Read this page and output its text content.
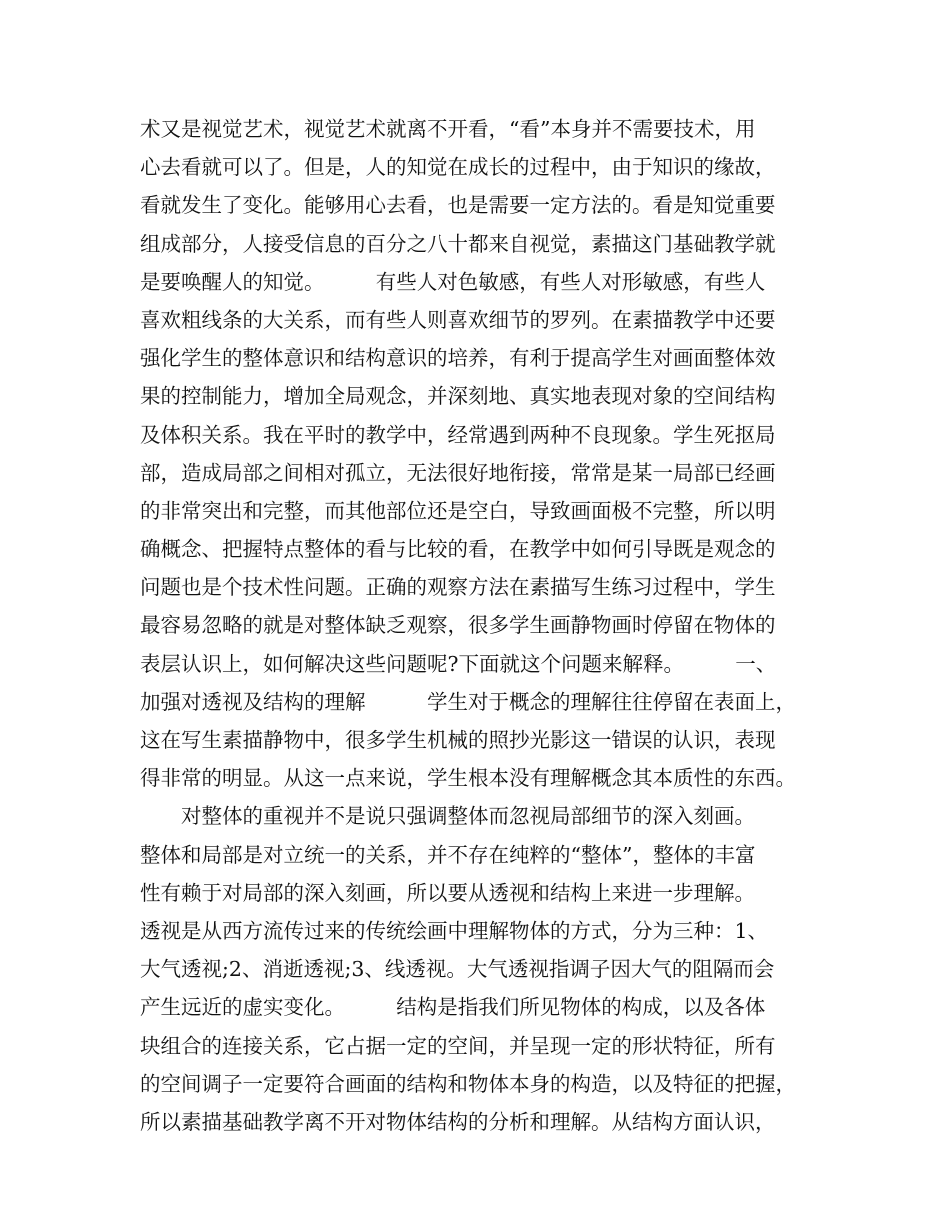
术又是视觉艺术，视觉艺术就离不开看，“看”本身并不需要技术，用
心去看就可以了。但是，人的知觉在成长的过程中，由于知识的缘故，
看就发生了变化。能够用心去看，也是需要一定方法的。看是知觉重要
组成部分，人接受信息的百分之八十都来自视觉，素描这门基础教学就
是要唤醒人的知觉。　　　有些人对色敏感，有些人对形敏感，有些人
喜欢粗线条的大关系，而有些人则喜欢细节的罗列。在素描教学中还要
强化学生的整体意识和结构意识的培养，有利于提高学生对画面整体效
果的控制能力，增加全局观念，并深刻地、真实地表现对象的空间结构
及体积关系。我在平时的教学中，经常遇到两种不良现象。学生死抠局
部，造成局部之间相对孤立，无法很好地衔接，常常是某一局部已经画
的非常突出和完整，而其他部位还是空白，导致画面极不完整，所以明
确概念、把握特点整体的看与比较的看，在教学中如何引导既是观念的
问题也是个技术性问题。正确的观察方法在素描写生练习过程中，学生
最容易忽略的就是对整体缺乏观察，很多学生画静物画时停留在物体的
表层认识上，如何解决这些问题呢?下面就这个问题来解释。　　　一、
加强对透视及结构的理解　　　学生对于概念的理解往往停留在表面上，
这在写生素描静物中，很多学生机械的照抄光影这一错误的认识，表现
得非常的明显。从这一点来说，学生根本没有理解概念其本质性的东西。
　　对整体的重视并不是说只强调整体而忽视局部细节的深入刻画。
整体和局部是对立统一的关系，并不存在纯粹的“整体”，整体的丰富
性有赖于对局部的深入刻画，所以要从透视和结构上来进一步理解。
透视是从西方流传过来的传统绘画中理解物体的方式，分为三种：1、
大气透视;2、消逝透视;3、线透视。大气透视指调子因大气的阻隔而会
产生远近的虚实变化。　　　结构是指我们所见物体的构成，以及各体
块组合的连接关系，它占据一定的空间，并呈现一定的形状特征，所有
的空间调子一定要符合画面的结构和物体本身的构造，以及特征的把握，
所以素描基础教学离不开对物体结构的分析和理解。从结构方面认识，
